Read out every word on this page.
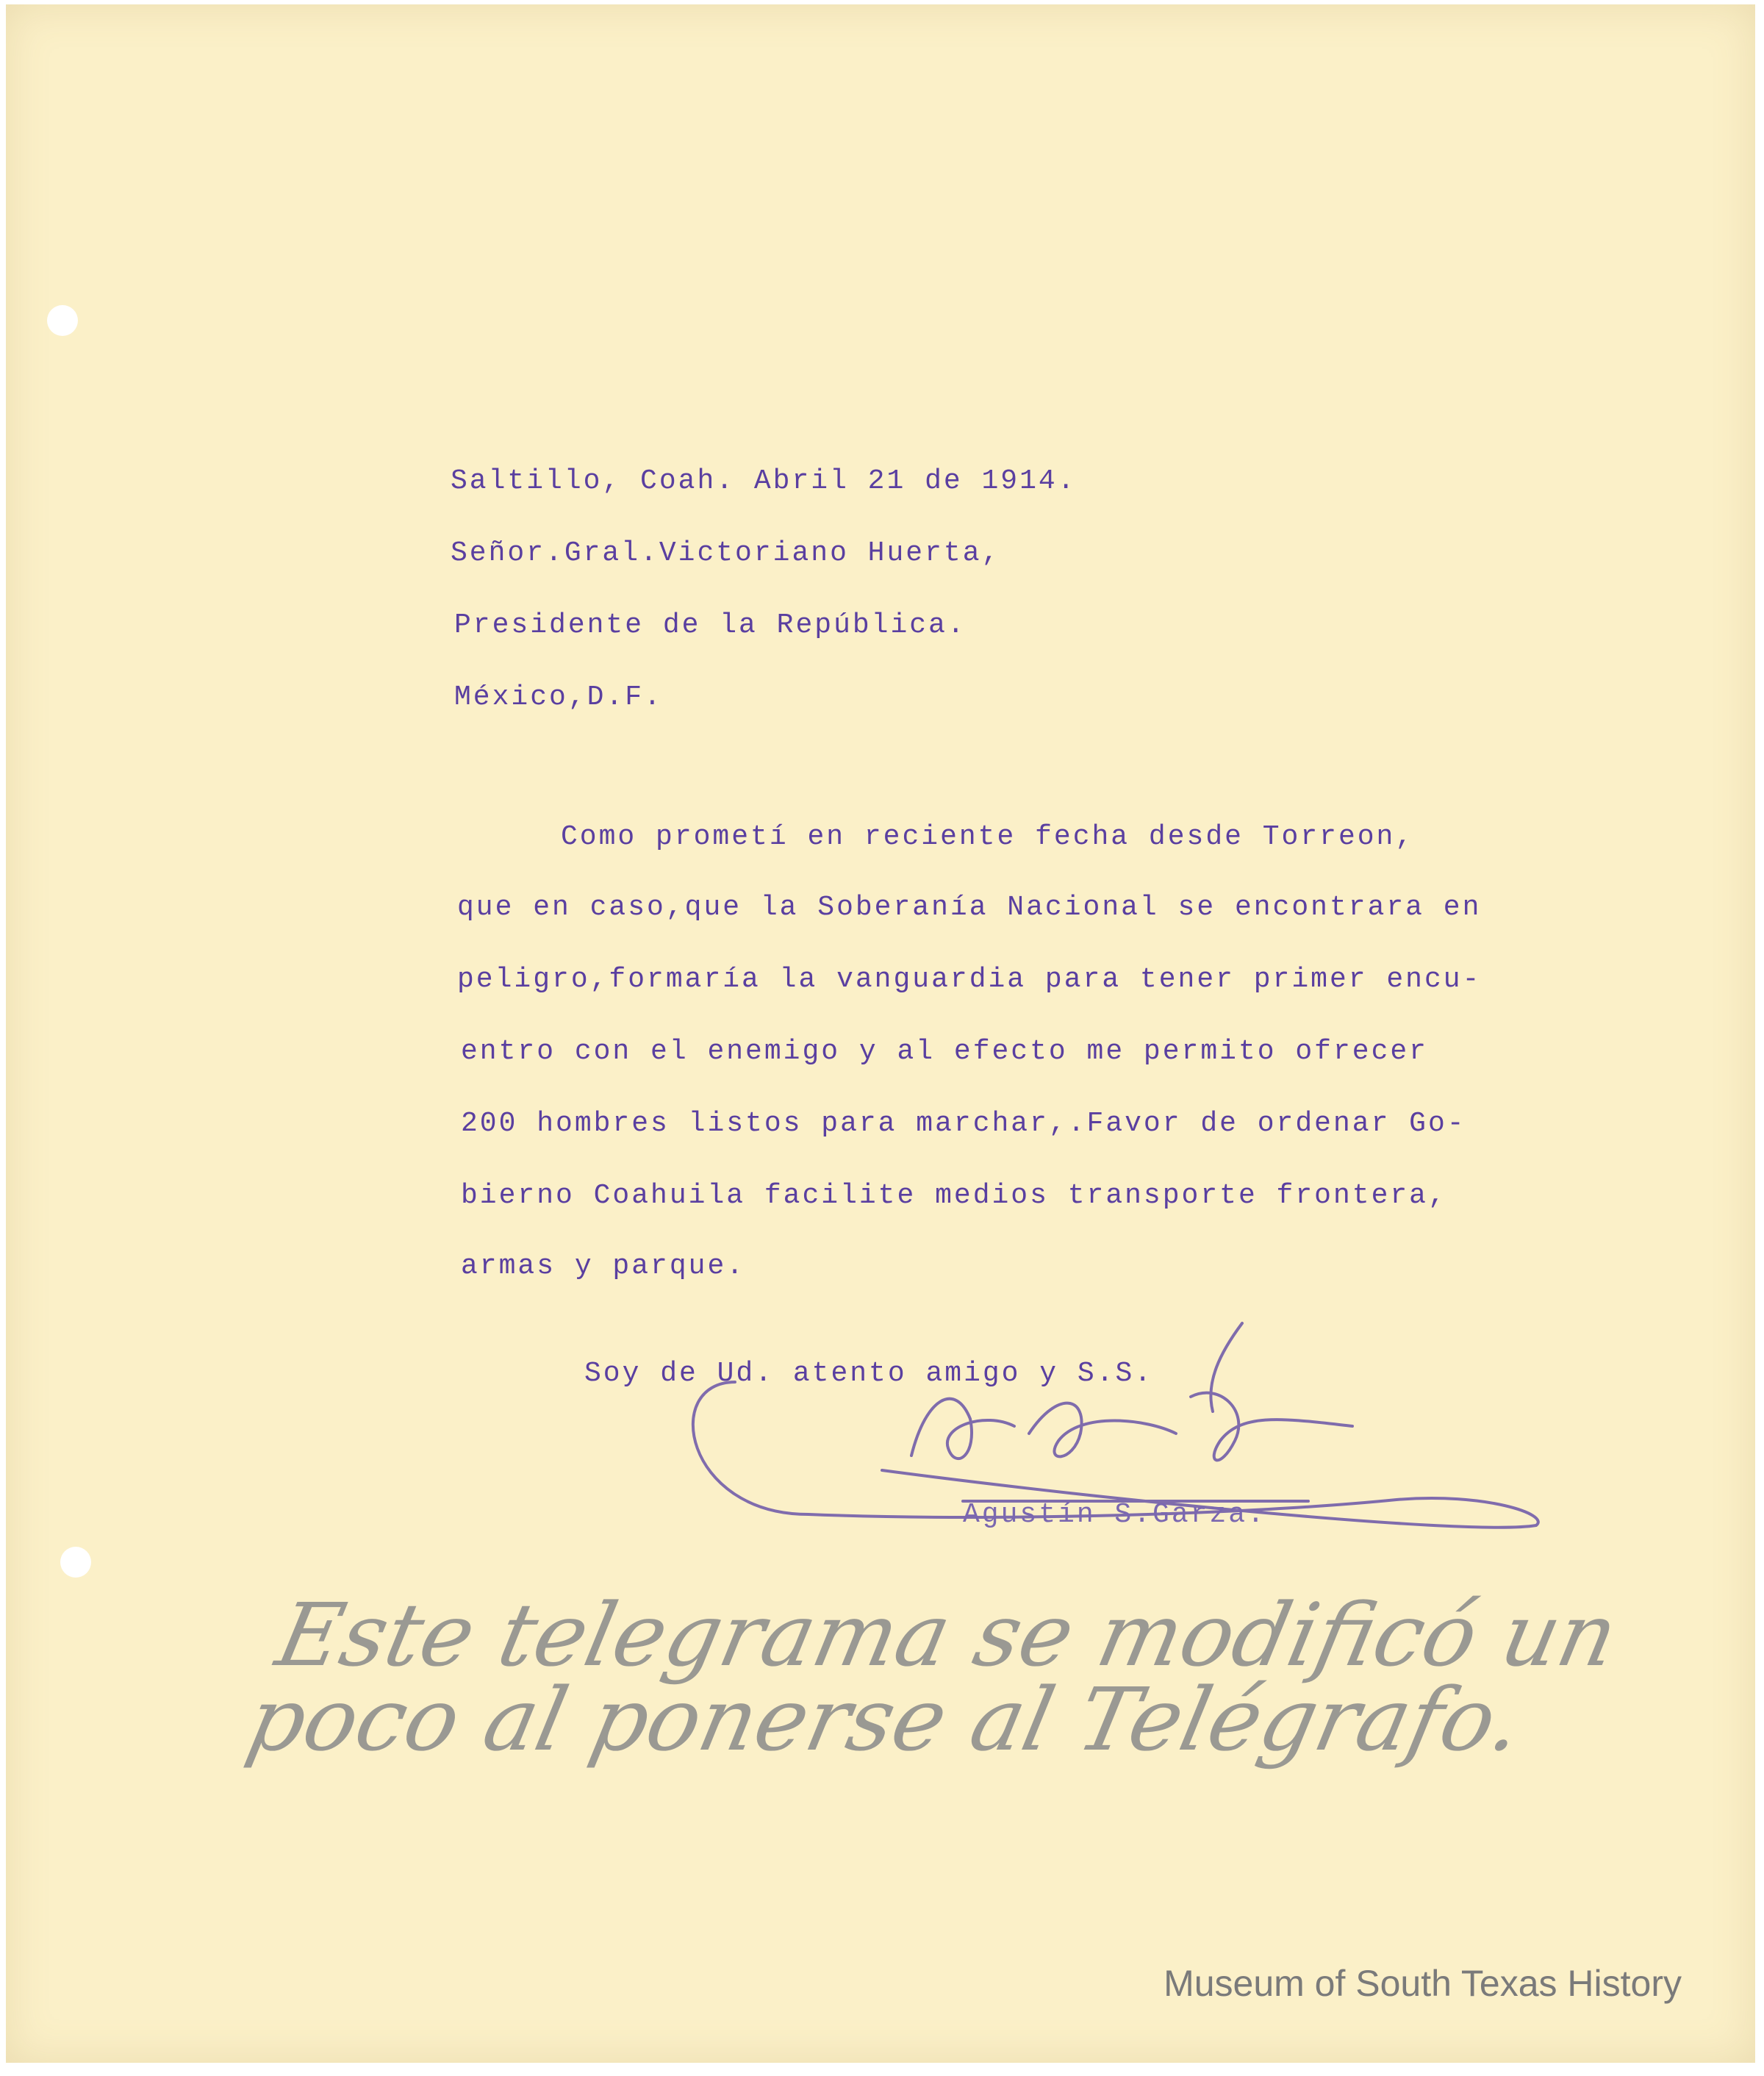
Saltillo, Coah. Abril 21 de 1914.
Señor.Gral.Victoriano Huerta,
Presidente de la República.
México,D.F.
Como prometí en reciente fecha desde Torreon,
que en caso,que la Soberanía Nacional se encontrara en
peligro,formaría la vanguardia para tener primer encu-
entro con el enemigo y al efecto me permito ofrecer
200 hombres listos para marchar,.Favor de ordenar Go-
bierno Coahuila facilite medios transporte frontera,
armas y parque.
Soy de Ud. atento amigo y S.S.
Agustín S.Garza.
Este telegrama se modificó un
poco al ponerse al Telégrafo.
Museum of South Texas History
